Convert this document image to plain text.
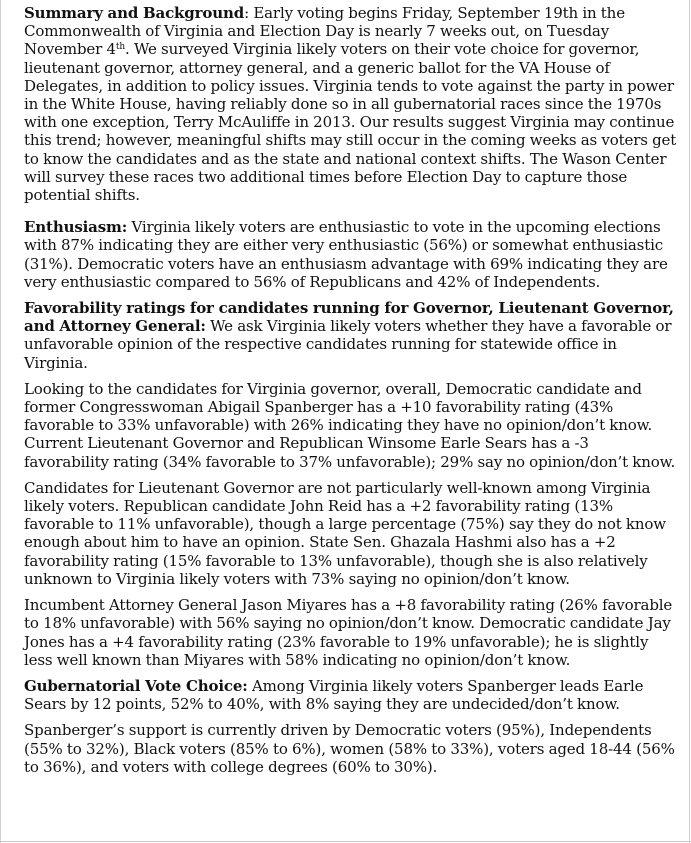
Summary and Background: Early voting begins Friday, September 19th in the Commonwealth of Virginia and Election Day is nearly 7 weeks out, on Tuesday November 4th. We surveyed Virginia likely voters on their vote choice for governor, lieutenant governor, attorney general, and a generic ballot for the VA House of Delegates, in addition to policy issues. Virginia tends to vote against the party in power in the White House, having reliably done so in all gubernatorial races since the 1970s with one exception, Terry McAuliffe in 2013. Our results suggest Virginia may continue this trend; however, meaningful shifts may still occur in the coming weeks as voters get to know the candidates and as the state and national context shifts. The Wason Center will survey these races two additional times before Election Day to capture those potential shifts.

Enthusiasm: Virginia likely voters are enthusiastic to vote in the upcoming elections with 87% indicating they are either very enthusiastic (56%) or somewhat enthusiastic (31%). Democratic voters have an enthusiasm advantage with 69% indicating they are very enthusiastic compared to 56% of Republicans and 42% of Independents.

Favorability ratings for candidates running for Governor, Lieutenant Governor, and Attorney General: We ask Virginia likely voters whether they have a favorable or unfavorable opinion of the respective candidates running for statewide office in Virginia.

Looking to the candidates for Virginia governor, overall, Democratic candidate and former Congresswoman Abigail Spanberger has a +10 favorability rating (43% favorable to 33% unfavorable) with 26% indicating they have no opinion/don’t know. Current Lieutenant Governor and Republican Winsome Earle Sears has a -3 favorability rating (34% favorable to 37% unfavorable); 29% say no opinion/don’t know.

Candidates for Lieutenant Governor are not particularly well-known among Virginia likely voters. Republican candidate John Reid has a +2 favorability rating (13% favorable to 11% unfavorable), though a large percentage (75%) say they do not know enough about him to have an opinion. State Sen. Ghazala Hashmi also has a +2 favorability rating (15% favorable to 13% unfavorable), though she is also relatively unknown to Virginia likely voters with 73% saying no opinion/don’t know.

Incumbent Attorney General Jason Miyares has a +8 favorability rating (26% favorable to 18% unfavorable) with 56% saying no opinion/don’t know. Democratic candidate Jay Jones has a +4 favorability rating (23% favorable to 19% unfavorable); he is slightly less well known than Miyares with 58% indicating no opinion/don’t know.

Gubernatorial Vote Choice: Among Virginia likely voters Spanberger leads Earle Sears by 12 points, 52% to 40%, with 8% saying they are undecided/don’t know.

Spanberger’s support is currently driven by Democratic voters (95%), Independents (55% to 32%), Black voters (85% to 6%), women (58% to 33%), voters aged 18-44 (56% to 36%), and voters with college degrees (60% to 30%).
